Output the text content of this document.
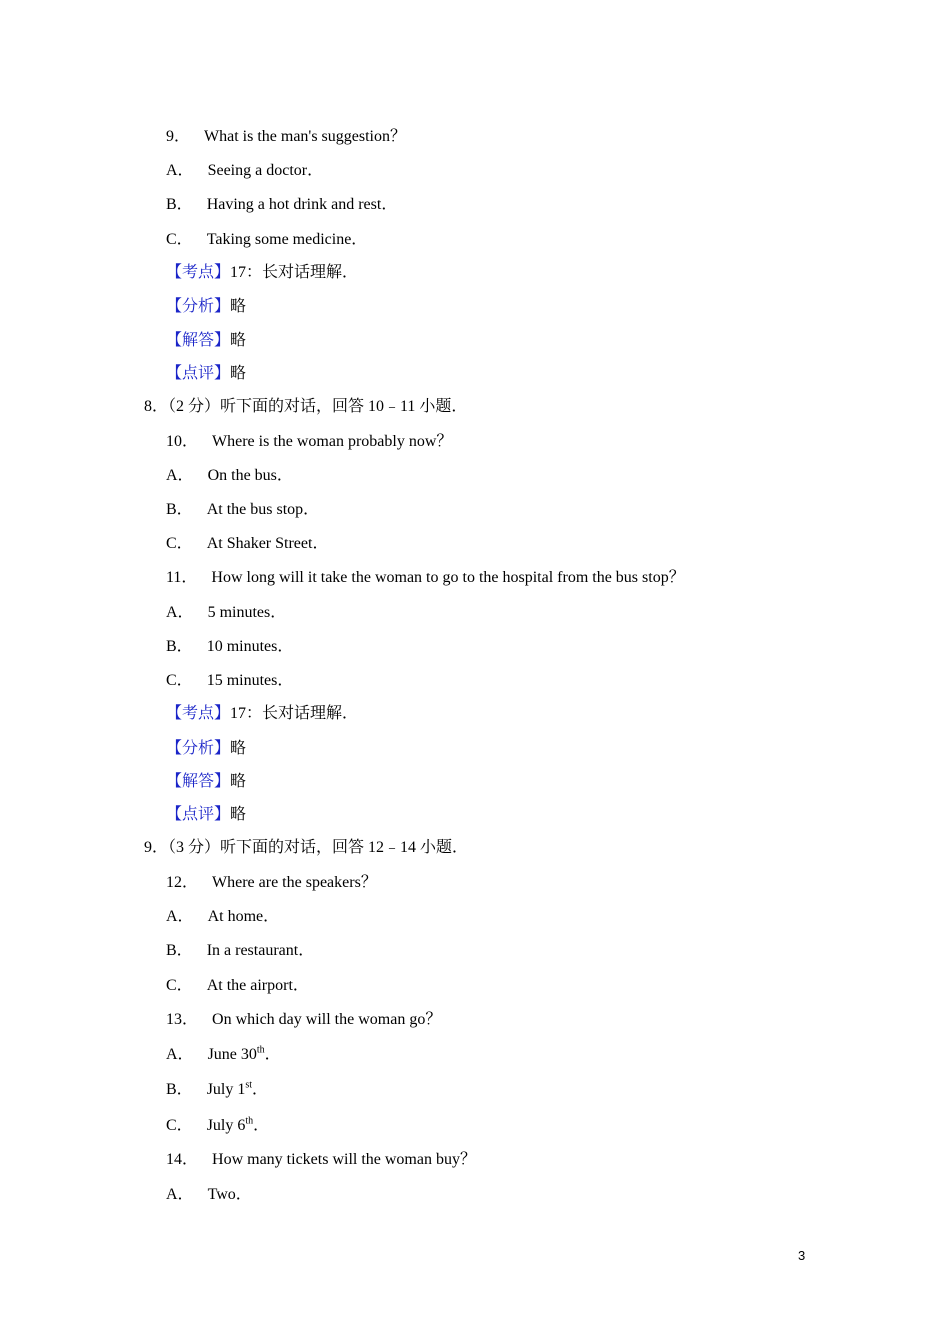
9． What is the man's suggestion？
A． Seeing a doctor．
B． Having a hot drink and rest．
C． Taking some medicine．
【考点】17：长对话理解．
【分析】略
【解答】略
【点评】略
8．（2 分）听下面的对话，回答 10﹣11 小题．
10． Where is the woman probably now？
A． On the bus．
B． At the bus stop．
C． At Shaker Street．
11． How long will it take the woman to go to the hospital from the bus stop？
A． 5 minutes．
B． 10 minutes．
C． 15 minutes．
【考点】17：长对话理解．
【分析】略
【解答】略
【点评】略
9．（3 分）听下面的对话，回答 12﹣14 小题．
12． Where are the speakers？
A． At home．
B． In a restaurant．
C． At the airport．
13． On which day will the woman go？
A． June 30th．
B． July 1st．
C． July 6th．
14． How many tickets will the woman buy？
A． Two．
3
